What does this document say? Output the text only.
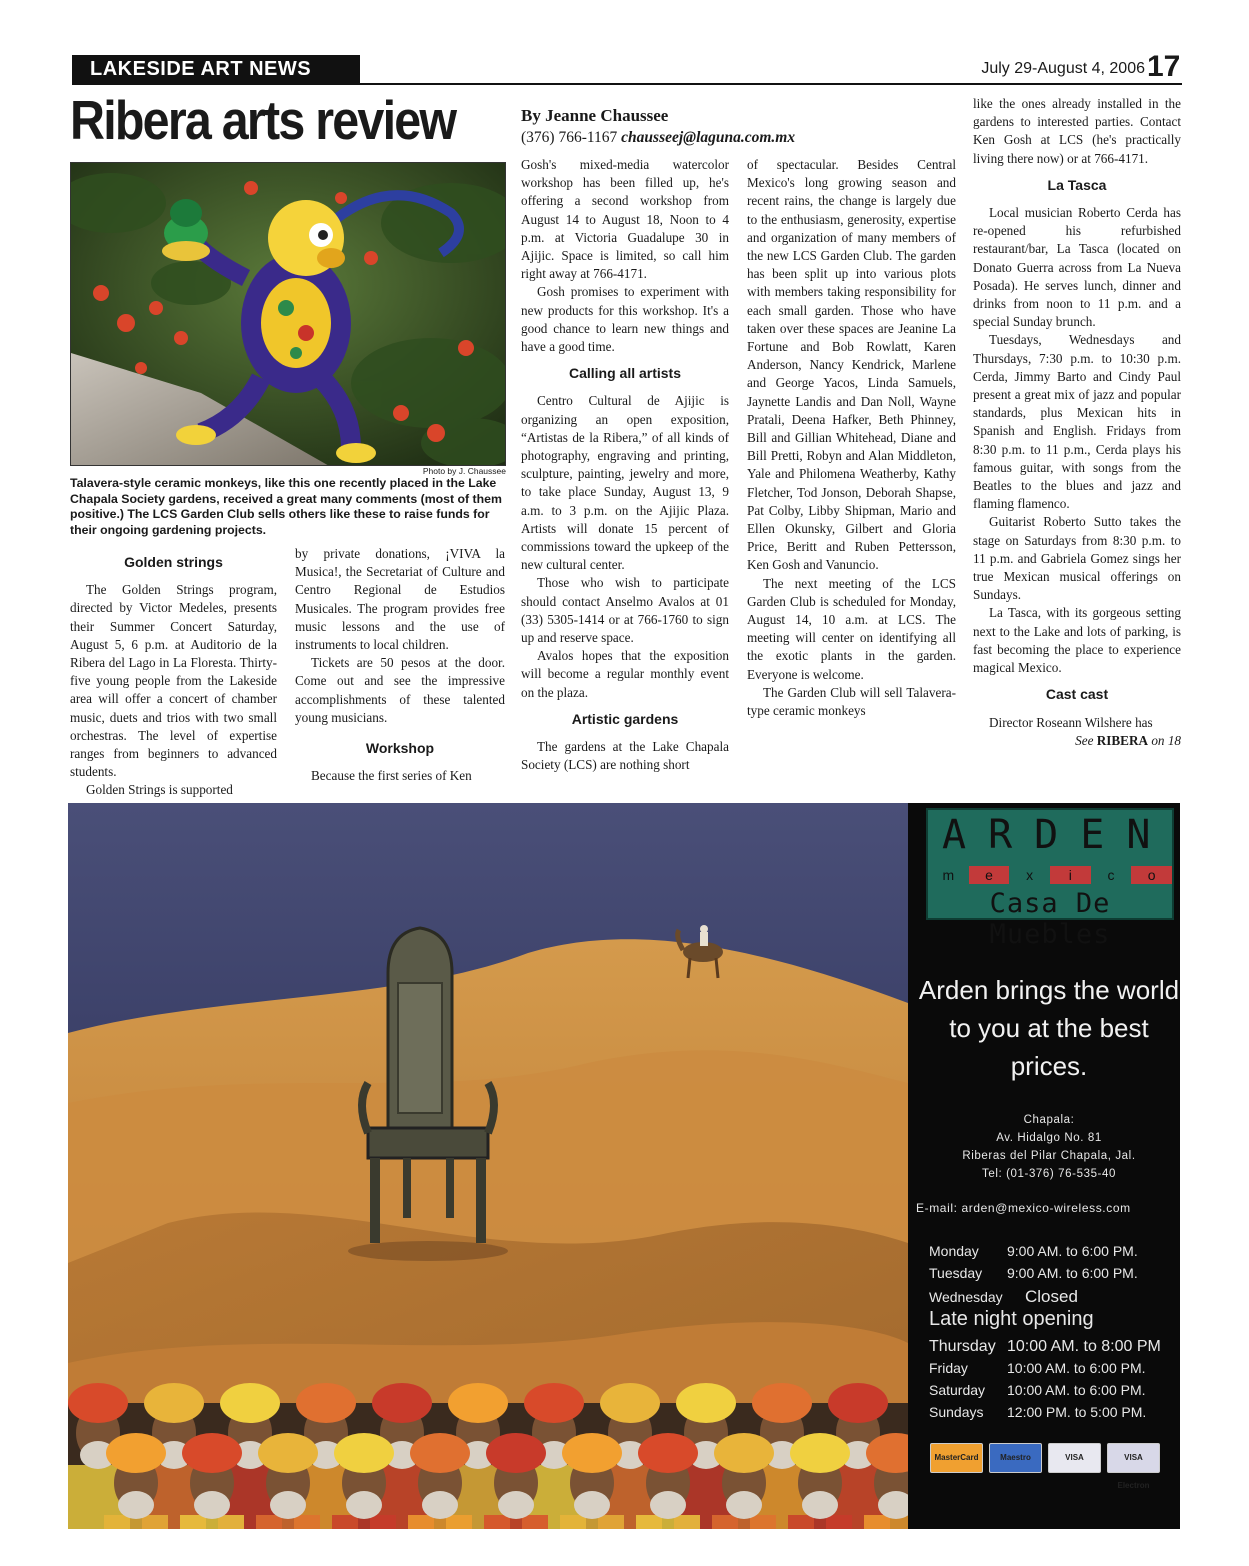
LAKESIDE ART NEWS	July 29-August 4, 2006 17
Ribera arts review	By Jeanne Chaussee
(376) 766-1167 chausseej@laguna.com.mx
Photo by J. Chaussee
Talavera-style ceramic monkeys, like this one recently placed in the Lake Chapala Society gardens, received a great many comments (most of them positive.) The LCS Garden Club sells others like these to raise funds for their ongoing gardening projects.
Golden strings

The Golden Strings program, directed by Victor Medeles, presents their Summer Concert Saturday, August 5, 6 p.m. at Auditorio de la Ribera del Lago in La Floresta. Thirty-five young people from the Lakeside area will offer a concert of chamber music, duets and trios with two small orchestras. The level of expertise ranges from beginners to advanced students.

Golden Strings is supported

by private donations, ¡VIVA la Musica!, the Secretariat of Culture and Centro Regional de Estudios Musicales. The program provides free music lessons and the use of instruments to local children.

Tickets are 50 pesos at the door. Come out and see the impressive accomplishments of these talented young musicians.

Workshop

Because the first series of Ken

Gosh's mixed-media watercolor workshop has been filled up, he's offering a second workshop from August 14 to August 18, Noon to 4 p.m. at Victoria Guadalupe 30 in Ajijic. Space is limited, so call him right away at 766-4171.

Gosh promises to experiment with new products for this workshop. It's a good chance to learn new things and have a good time.

Calling all artists

Centro Cultural de Ajijic is organizing an open exposition, “Artistas de la Ribera,” of all kinds of photography, engraving and printing, sculpture, painting, jewelry and more, to take place Sunday, August 13, 9 a.m. to 3 p.m. on the Ajijic Plaza. Artists will donate 15 percent of commissions toward the upkeep of the new cultural center.

Those who wish to participate should contact Anselmo Avalos at 01 (33) 5305-1414 or at 766-1760 to sign up and reserve space.

Avalos hopes that the exposition will become a regular monthly event on the plaza.

Artistic gardens

The gardens at the Lake Chapala Society (LCS) are nothing short

of spectacular. Besides Central Mexico's long growing season and recent rains, the change is largely due to the enthusiasm, generosity, expertise and organization of many members of the new LCS Garden Club. The garden has been split up into various plots with members taking responsibility for each small garden. Those who have taken over these spaces are Jeanine La Fortune and Bob Rowlatt, Karen Anderson, Nancy Kendrick, Marlene and George Yacos, Linda Samuels, Jaynette Landis and Dan Noll, Wayne Pratali, Deena Hafker, Beth Phinney, Bill and Gillian Whitehead, Diane and Bill Pretti, Robyn and Alan Middleton, Yale and Philomena Weatherby, Kathy Fletcher, Tod Jonson, Deborah Shapse, Pat Colby, Libby Shipman, Mario and Ellen Okunsky, Gilbert and Gloria Price, Beritt and Ruben Pettersson, Ken Gosh and Vanuncio.

The next meeting of the LCS Garden Club is scheduled for Monday, August 14, 10 a.m. at LCS. The meeting will center on identifying all the exotic plants in the garden. Everyone is welcome.

The Garden Club will sell Talavera-type ceramic monkeys

like the ones already installed in the gardens to interested parties. Contact Ken Gosh at LCS (he's practically living there now) or at 766-4171.

La Tasca

Local musician Roberto Cerda has re-opened his refurbished restaurant/bar, La Tasca (located on Donato Guerra across from La Nueva Posada). He serves lunch, dinner and drinks from noon to 11 p.m. and a special Sunday brunch.

Tuesdays, Wednesdays and Thursdays, 7:30 p.m. to 10:30 p.m. Cerda, Jimmy Barto and Cindy Paul present a great mix of jazz and popular standards, plus Mexican hits in Spanish and English. Fridays from 8:30 p.m. to 11 p.m., Cerda plays his famous guitar, with songs from the Beatles to the blues and jazz and flaming flamenco.

Guitarist Roberto Sutto takes the stage on Saturdays from 8:30 p.m. to 11 p.m. and Gabriela Gomez sings her true Mexican musical offerings on Sundays.

La Tasca, with its gorgeous setting next to the Lake and lots of parking, is fast becoming the place to experience magical Mexico.

Cast cast

Director Roseann Wilshere has

See RIBERA on 18
ARDEN
m	e	x	i	c	o
Casa De Muebles
Arden brings the world to you at the best prices.
Chapala:
Av. Hidalgo No. 81
Riberas del Pilar Chapala, Jal.
Tel: (01-376) 76-535-40
E-mail: arden@mexico-wireless.com
Monday 9:00 AM. to 6:00 PM.
Tuesday 9:00 AM. to 6:00 PM.
Wednesday Closed
Late night opening
Thursday 10:00 AM. to 8:00 PM
Friday	10:00 AM. to 6:00 PM.
Saturday 10:00 AM. to 6:00 PM.
Sundays 12:00 PM. to 5:00 PM.
MasterCard	Maestro	VISA	VISA Electron
